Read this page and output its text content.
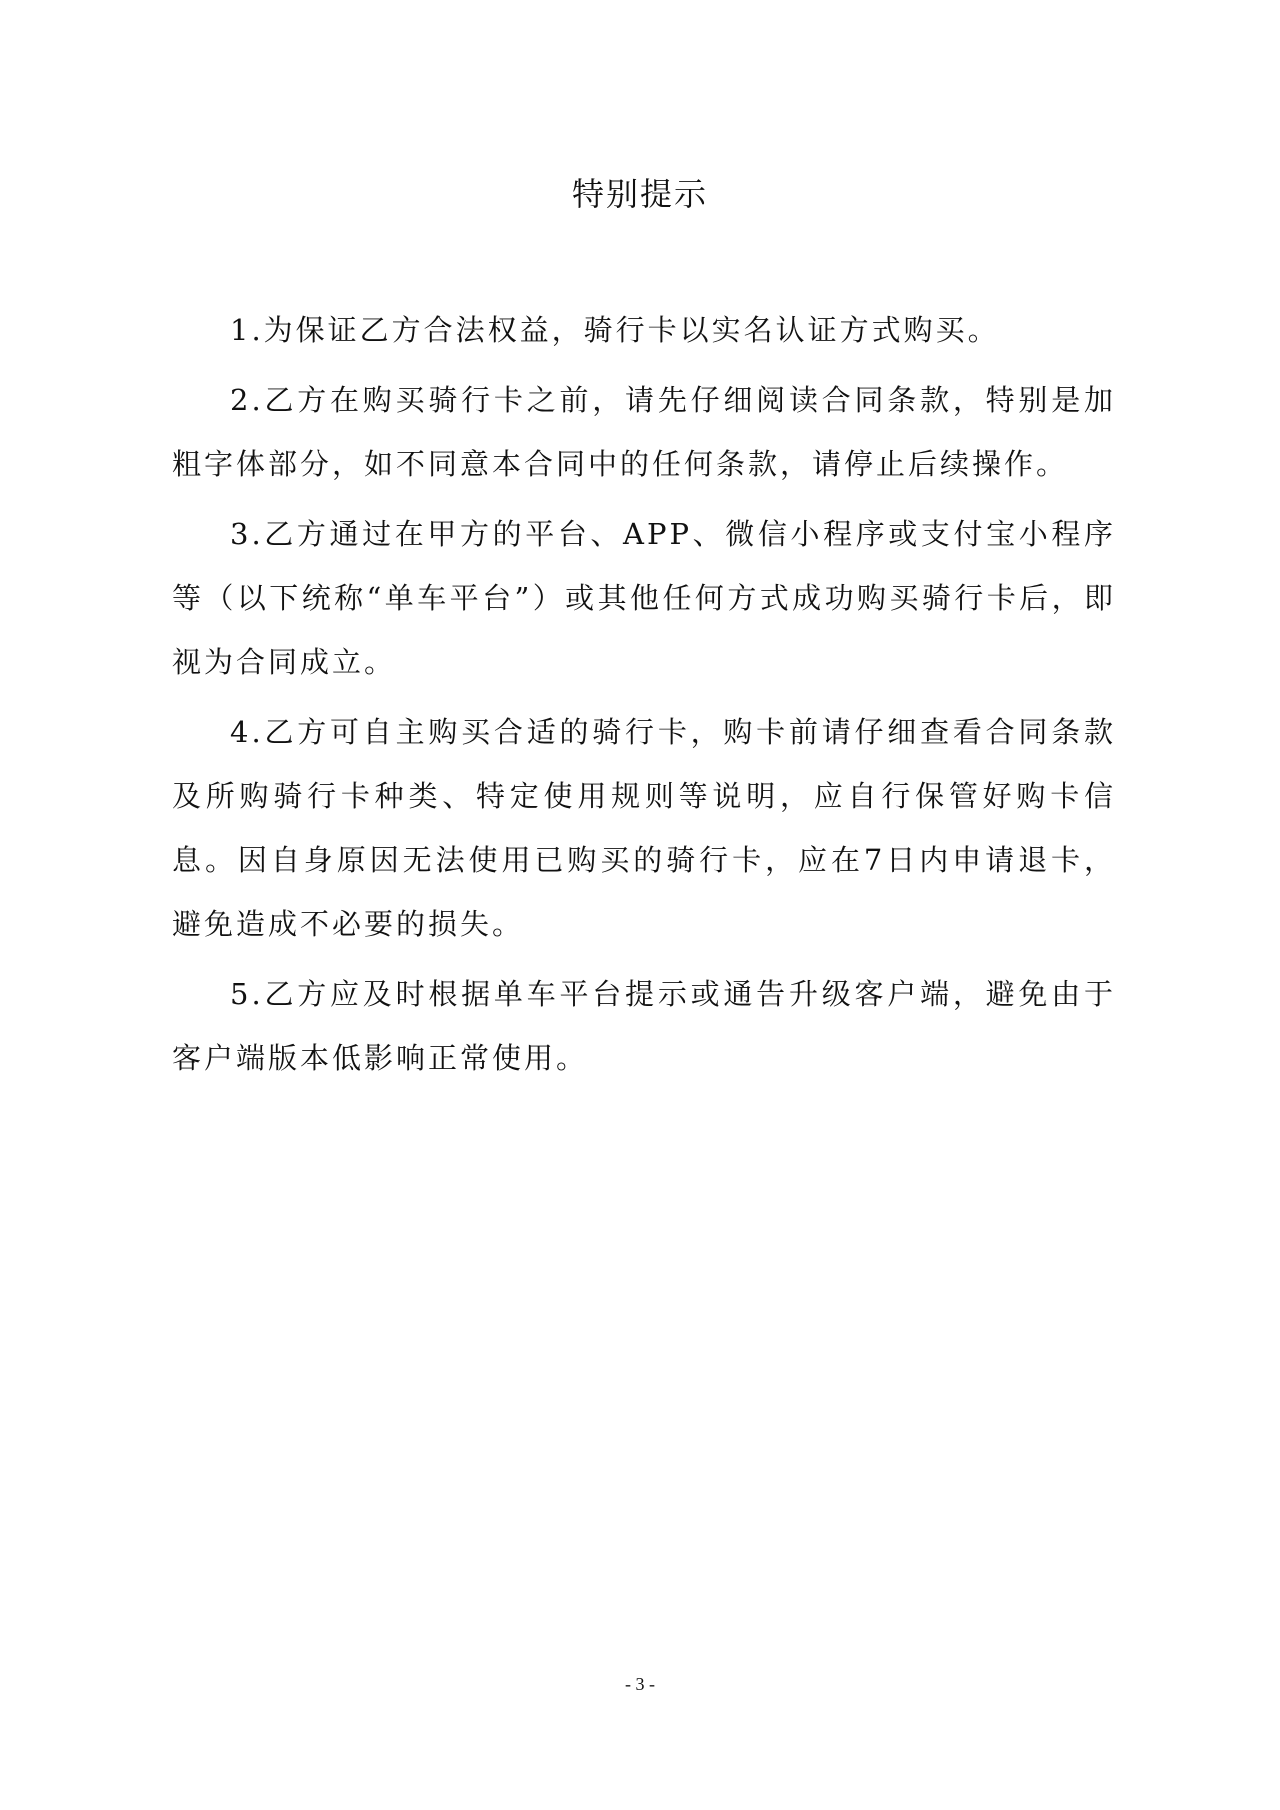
特别提示

1.为保证乙方合法权益，骑行卡以实名认证方式购买。

2.乙方在购买骑行卡之前，请先仔细阅读合同条款，特别是加粗字体部分，如不同意本合同中的任何条款，请停止后续操作。

3.乙方通过在甲方的平台、APP、微信小程序或支付宝小程序等（以下统称“单车平台”）或其他任何方式成功购买骑行卡后，即视为合同成立。

4.乙方可自主购买合适的骑行卡，购卡前请仔细查看合同条款及所购骑行卡种类、特定使用规则等说明，应自行保管好购卡信息。因自身原因无法使用已购买的骑行卡，应在7日内申请退卡，避免造成不必要的损失。

5.乙方应及时根据单车平台提示或通告升级客户端，避免由于客户端版本低影响正常使用。

- 3 -
